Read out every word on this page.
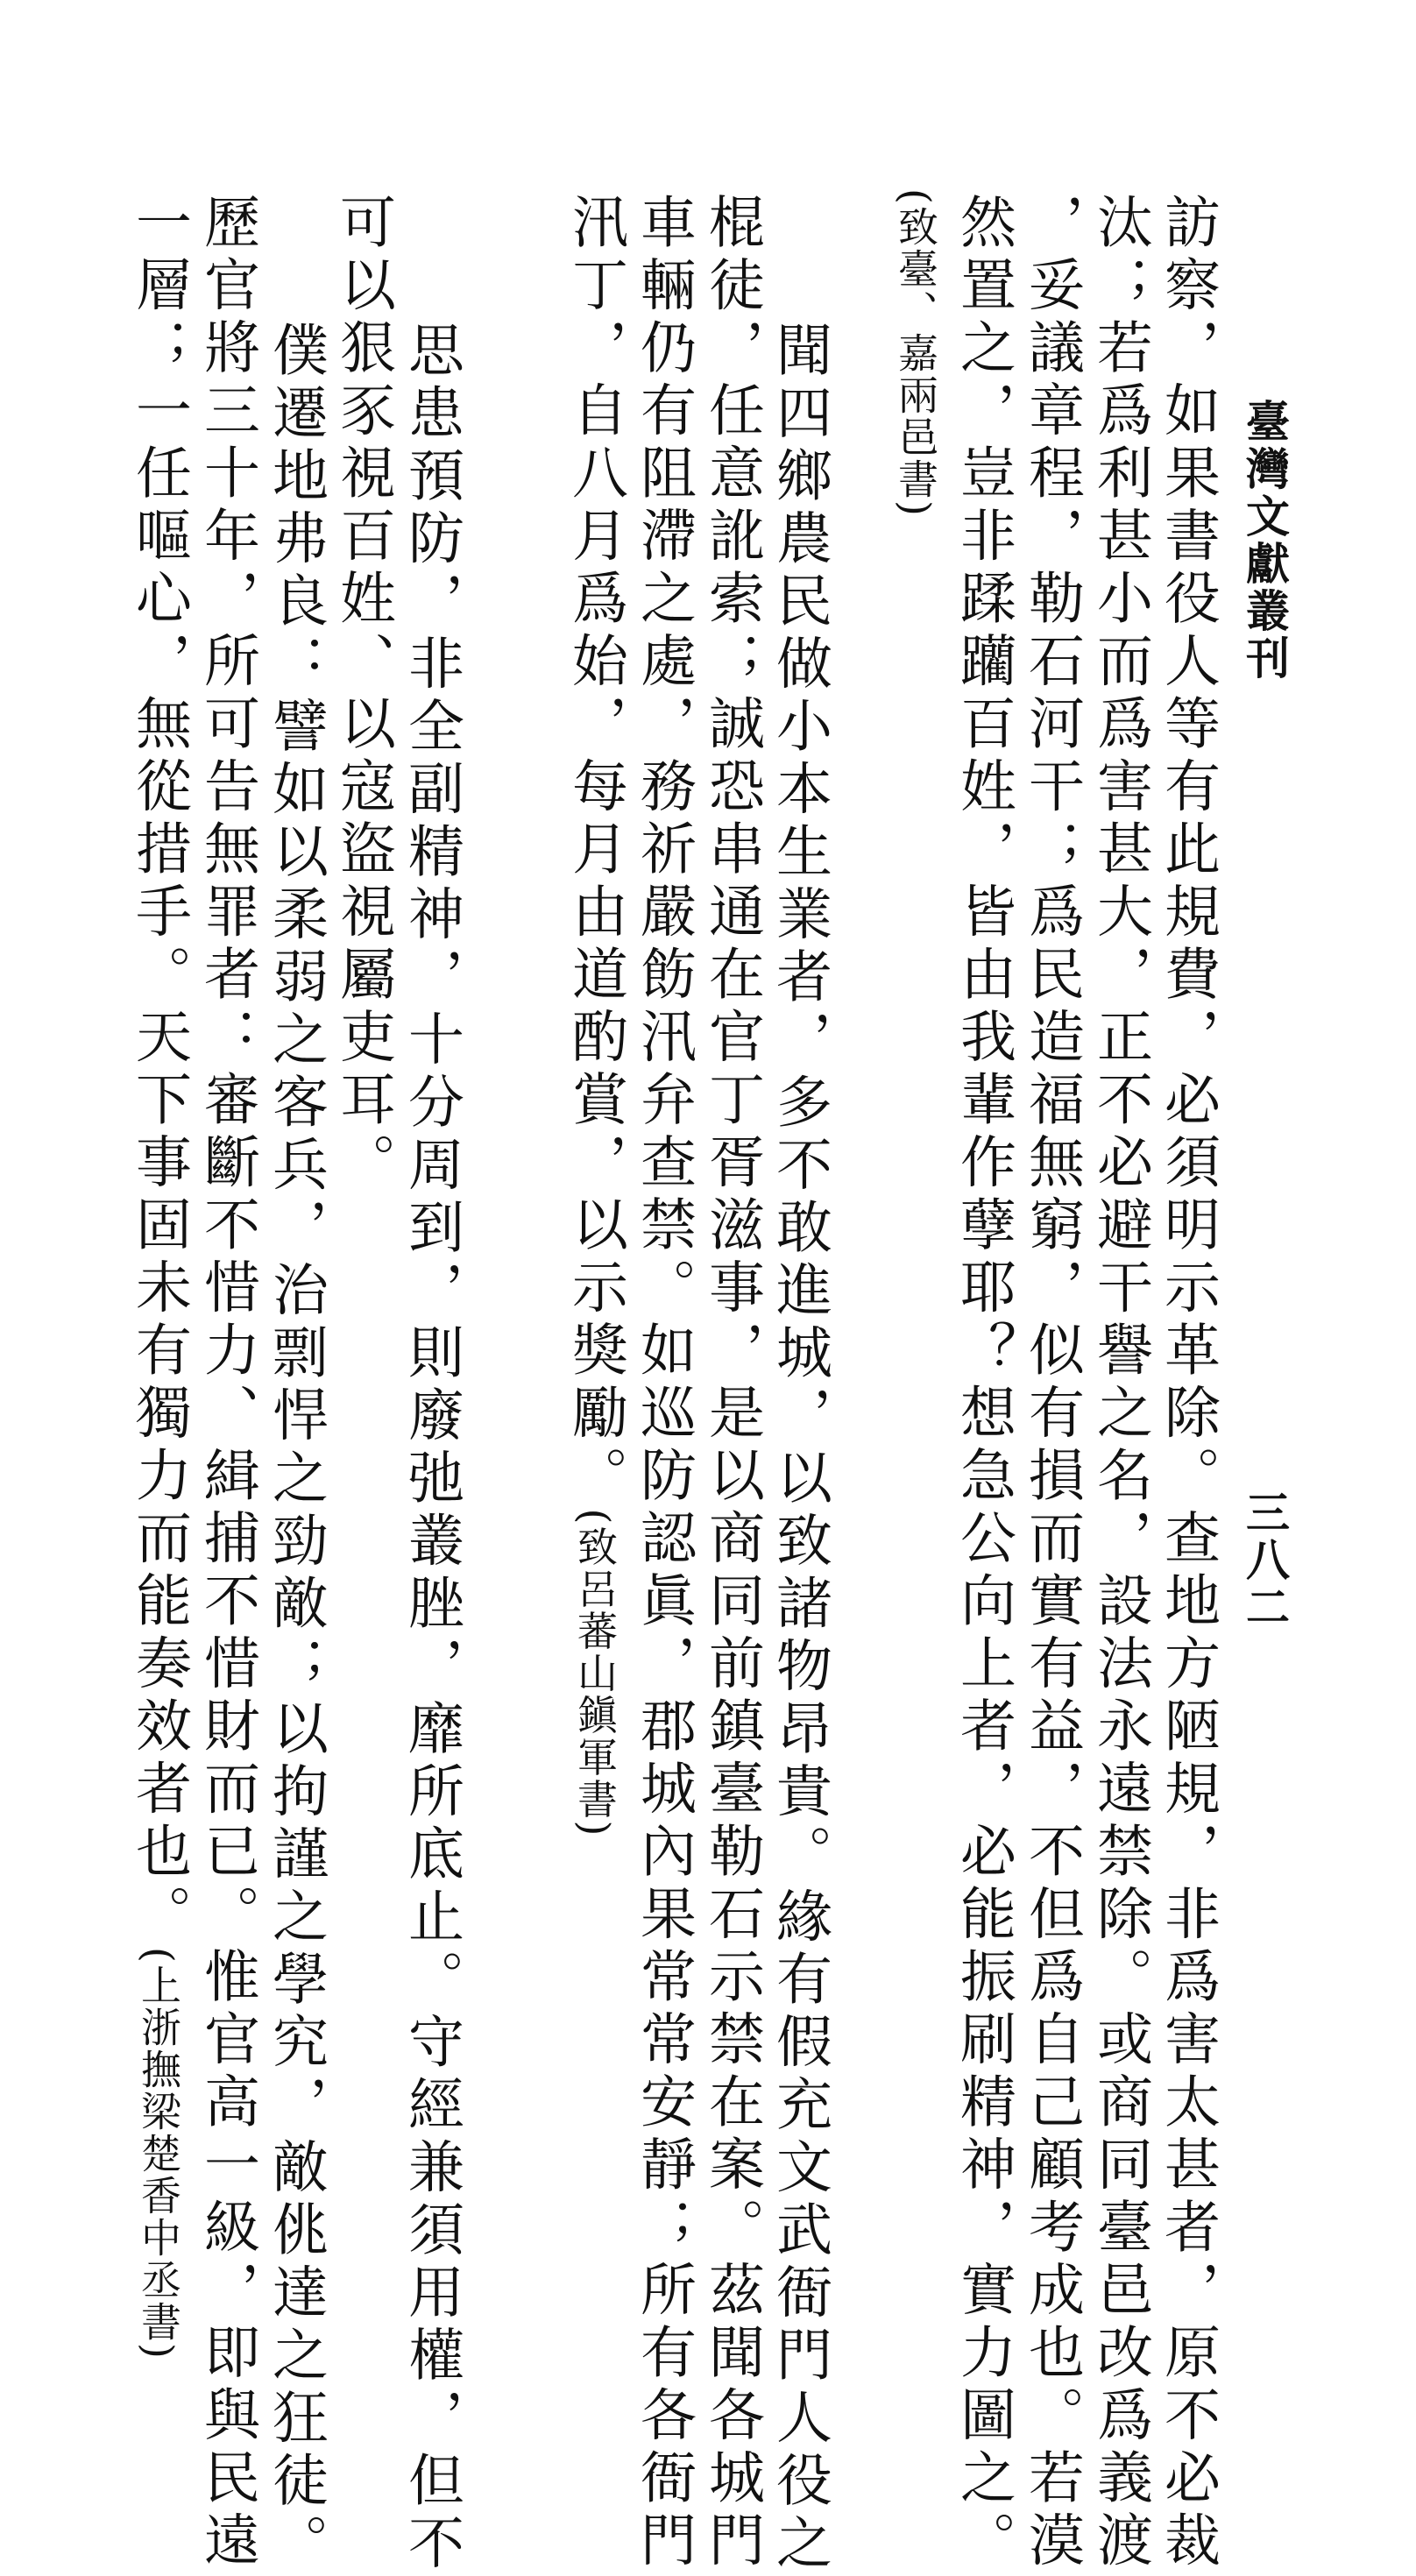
臺灣文獻叢刊
三八二
訪察，如果書役人等有此規費，必須明示革除。查地方陋規，非爲害太甚者，原不必裁
汰；若爲利甚小而爲害甚大，正不必避干譽之名，設法永遠禁除。或商同臺邑改爲義渡
，妥議章程，勒石河干；爲民造福無窮，似有損而實有益，不但爲自己顧考成也。若漠
然置之，豈非蹂躪百姓，皆由我輩作孽耶？想急公向上者，必能振刷精神，實力圖之。
(致臺、嘉兩邑書)
聞四鄉農民做小本生業者，多不敢進城，以致諸物昂貴。緣有假充文武衙門人役之
棍徒，任意訛索；誠恐串通在官丁胥滋事，是以商同前鎮臺勒石示禁在案。茲聞各城門
車輛仍有阻滯之處，務祈嚴飭汛弁查禁。如巡防認眞，郡城內果常常安靜；所有各衙門
汛丁，自八月爲始，每月由道酌賞，以示獎勵。(致呂蕃山鎭軍書)
思患預防，非全副精神，十分周到，則廢弛叢脞，靡所底止。守經兼須用權，但不
可以狠豕視百姓、以寇盜視屬吏耳。
僕遷地弗良：譬如以柔弱之客兵，治剽悍之勁敵；以拘謹之學究，敵佻達之狂徒。
歷官將三十年，所可告無罪者：審斷不惜力、緝捕不惜財而已。惟官高一級，即與民遠
一層；一任嘔心，無從措手。天下事固未有獨力而能奏效者也。(上浙撫梁楚香中丞書)
